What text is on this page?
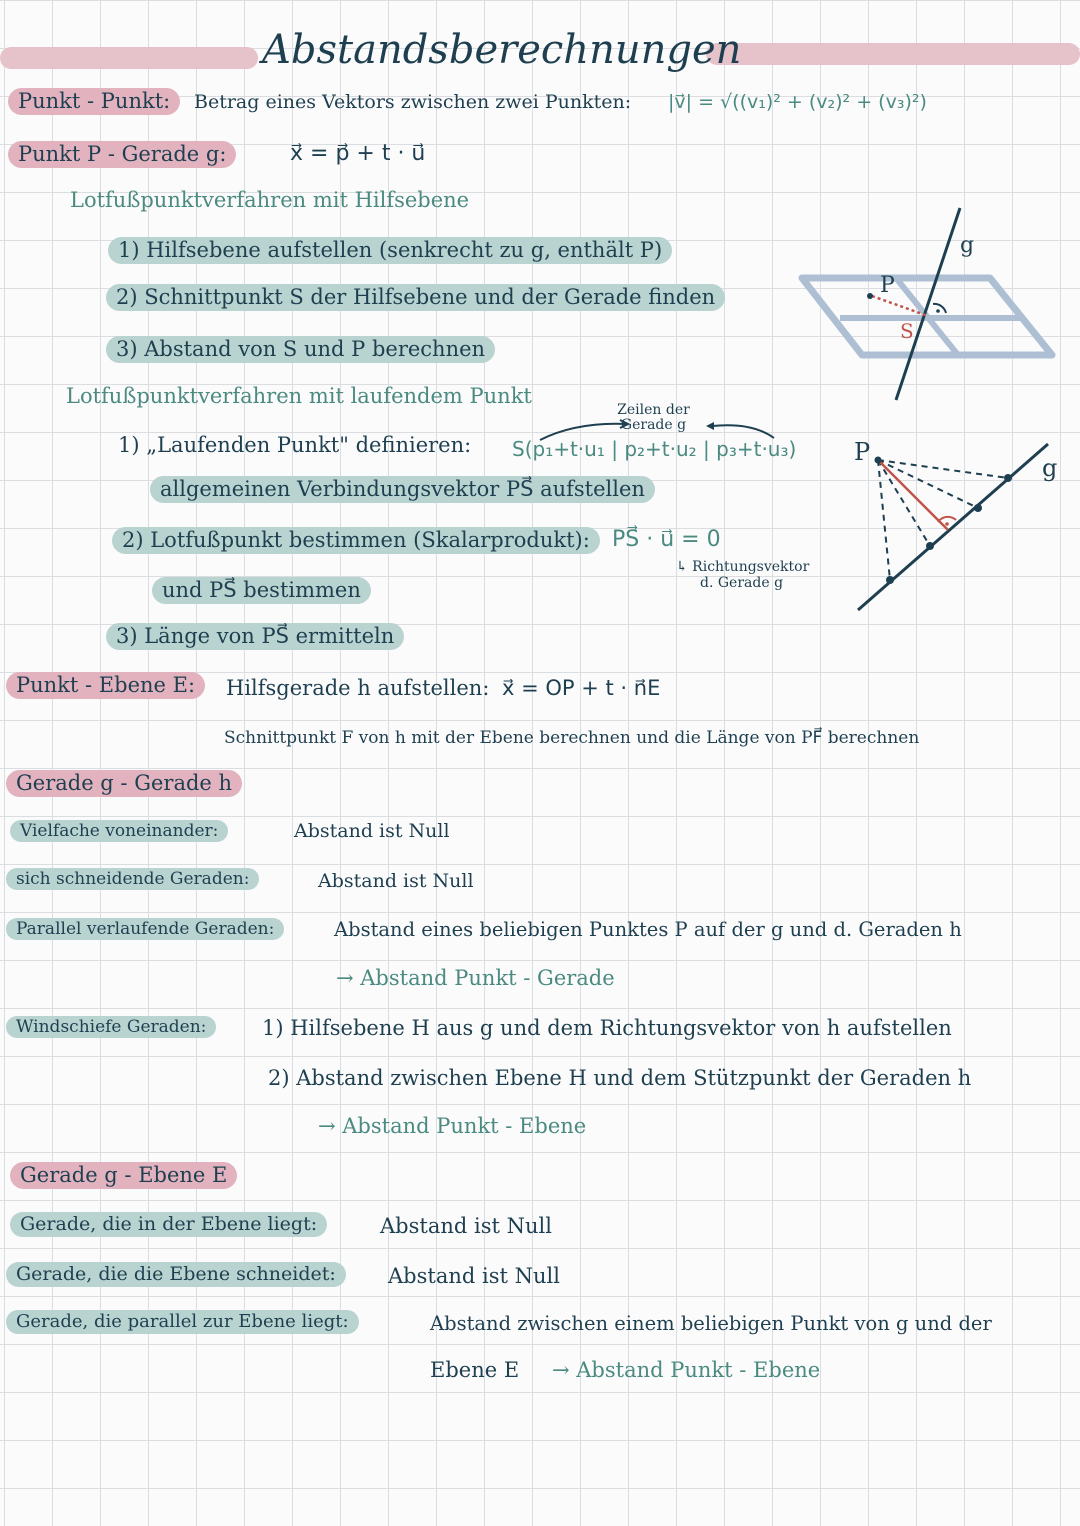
Abstandsberechnungen
Punkt - Punkt:	Betrag eines Vektors zwischen zwei Punkten: |v⃗| = √((v₁)² + (v₂)² + (v₃)²)
Punkt P - Gerade g:	x⃗ = p⃗ + t · u⃗
Lotfußpunktverfahren mit Hilfsebene
1) Hilfsebene aufstellen (senkrecht zu g, enthält P)
2) Schnittpunkt S der Hilfsebene und der Gerade finden
3) Abstand von S und P berechnen
g
P
S
Lotfußpunktverfahren mit laufendem Punkt
Zeilen der Gerade g
1) „Laufenden Punkt" definieren: S(p₁+t·u₁ | p₂+t·u₂ | p₃+t·u₃)
allgemeinen Verbindungsvektor PS⃗ aufstellen
2) Lotfußpunkt bestimmen (Skalarprodukt):	PS⃗ · u⃗ = 0
↳ Richtungsvektor
d. Gerade g
und PS⃗ bestimmen
3) Länge von PS⃗ ermitteln
P
g
Punkt - Ebene E:	Hilfsgerade h aufstellen: x⃗ = OP + t · n⃗E
Schnittpunkt F von h mit der Ebene berechnen und die Länge von PF⃗ berechnen
Gerade g - Gerade h
Vielfache voneinander:	Abstand ist Null
sich schneidende Geraden:	Abstand ist Null
Parallel verlaufende Geraden:	Abstand eines beliebigen Punktes P auf der g und d. Geraden h
→ Abstand Punkt - Gerade
Windschiefe Geraden:	1) Hilfsebene H aus g und dem Richtungsvektor von h aufstellen
2) Abstand zwischen Ebene H und dem Stützpunkt der Geraden h
→ Abstand Punkt - Ebene
Gerade g - Ebene E
Gerade, die in der Ebene liegt:	Abstand ist Null
Gerade, die die Ebene schneidet:	Abstand ist Null
Gerade, die parallel zur Ebene liegt:	Abstand zwischen einem beliebigen Punkt von g und der
Ebene E → Abstand Punkt - Ebene
